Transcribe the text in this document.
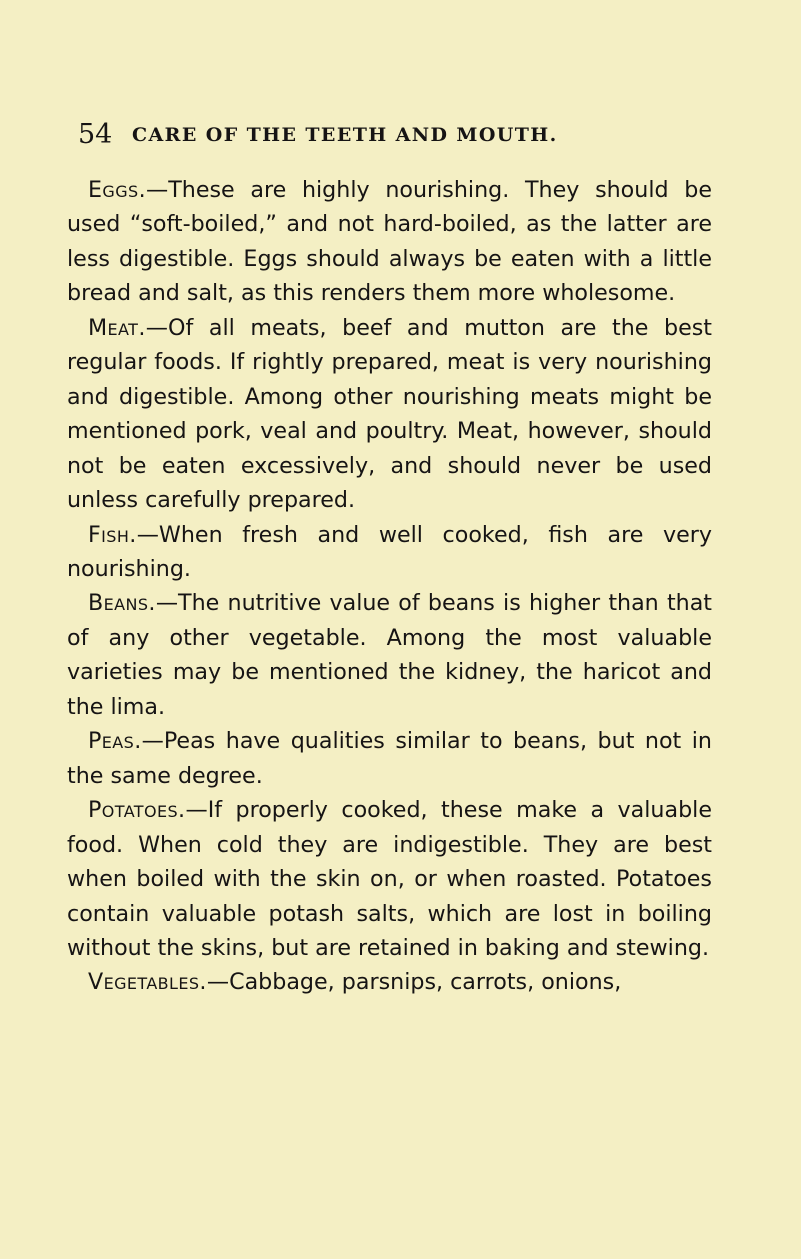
54 CARE OF THE TEETH AND MOUTH.

Eggs.—These are highly nourishing. They should be used “soft-boiled,” and not hard-boiled, as the latter are less digestible. Eggs should always be eaten with a little bread and salt, as this renders them more wholesome.

Meat.—Of all meats, beef and mutton are the best regular foods. If rightly prepared, meat is very nourishing and digestible. Among other nourishing meats might be mentioned pork, veal and poultry. Meat, however, should not be eaten excessively, and should never be used unless carefully prepared.

Fish.—When fresh and well cooked, fish are very nourishing.

Beans.—The nutritive value of beans is higher than that of any other vegetable. Among the most valuable varieties may be mentioned the kidney, the haricot and the lima.

Peas.—Peas have qualities similar to beans, but not in the same degree.

Potatoes.—If properly cooked, these make a valuable food. When cold they are indigestible. They are best when boiled with the skin on, or when roasted. Potatoes contain valuable potash salts, which are lost in boiling without the skins, but are retained in baking and stewing.

Vegetables.—Cabbage, parsnips, carrots, onions,
